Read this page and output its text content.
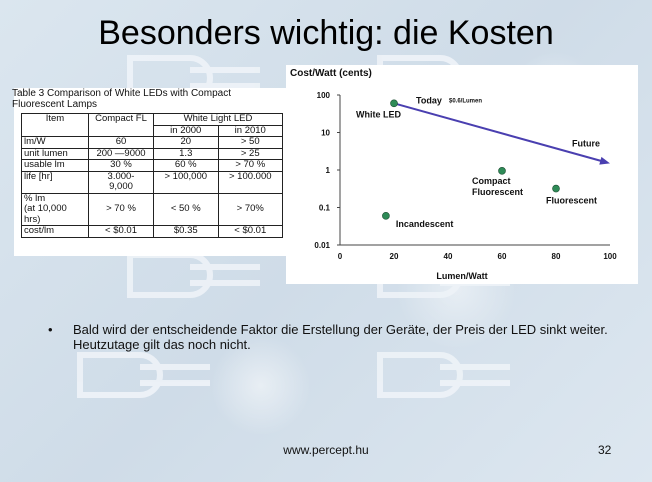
Besonders wichtig: die Kosten
Table 3 Comparison of White LEDs with Compact Fluorescent Lamps
Item	Compact FL	White Light LED	
		in 2000	in 2010
lm/W	60	20	> 50
unit lumen	200 —9000	1.3	> 25
usable lm	30 %	60 %	> 70 %
life [hr]	3.000-
9,000	> 100,000	> 100.000
% lm
(at 10,000
hrs)	> 70 %	< 50 %	> 70%
cost/lm	< $0.01	$0.35	< $0.01
Cost/Watt (cents)
Lumen/Watt
100
10
1
0.1
0.01
0	20	40	60	80	100
White LED
Compact Fluorescent
Fluorescent
Incandescent
Today $0.6/Lumen
Future
• Bald wird der entscheidende Faktor die Erstellung der Geräte, der Preis der LED sinkt weiter. Heutzutage gilt das noch nicht.
www.percept.hu	32
